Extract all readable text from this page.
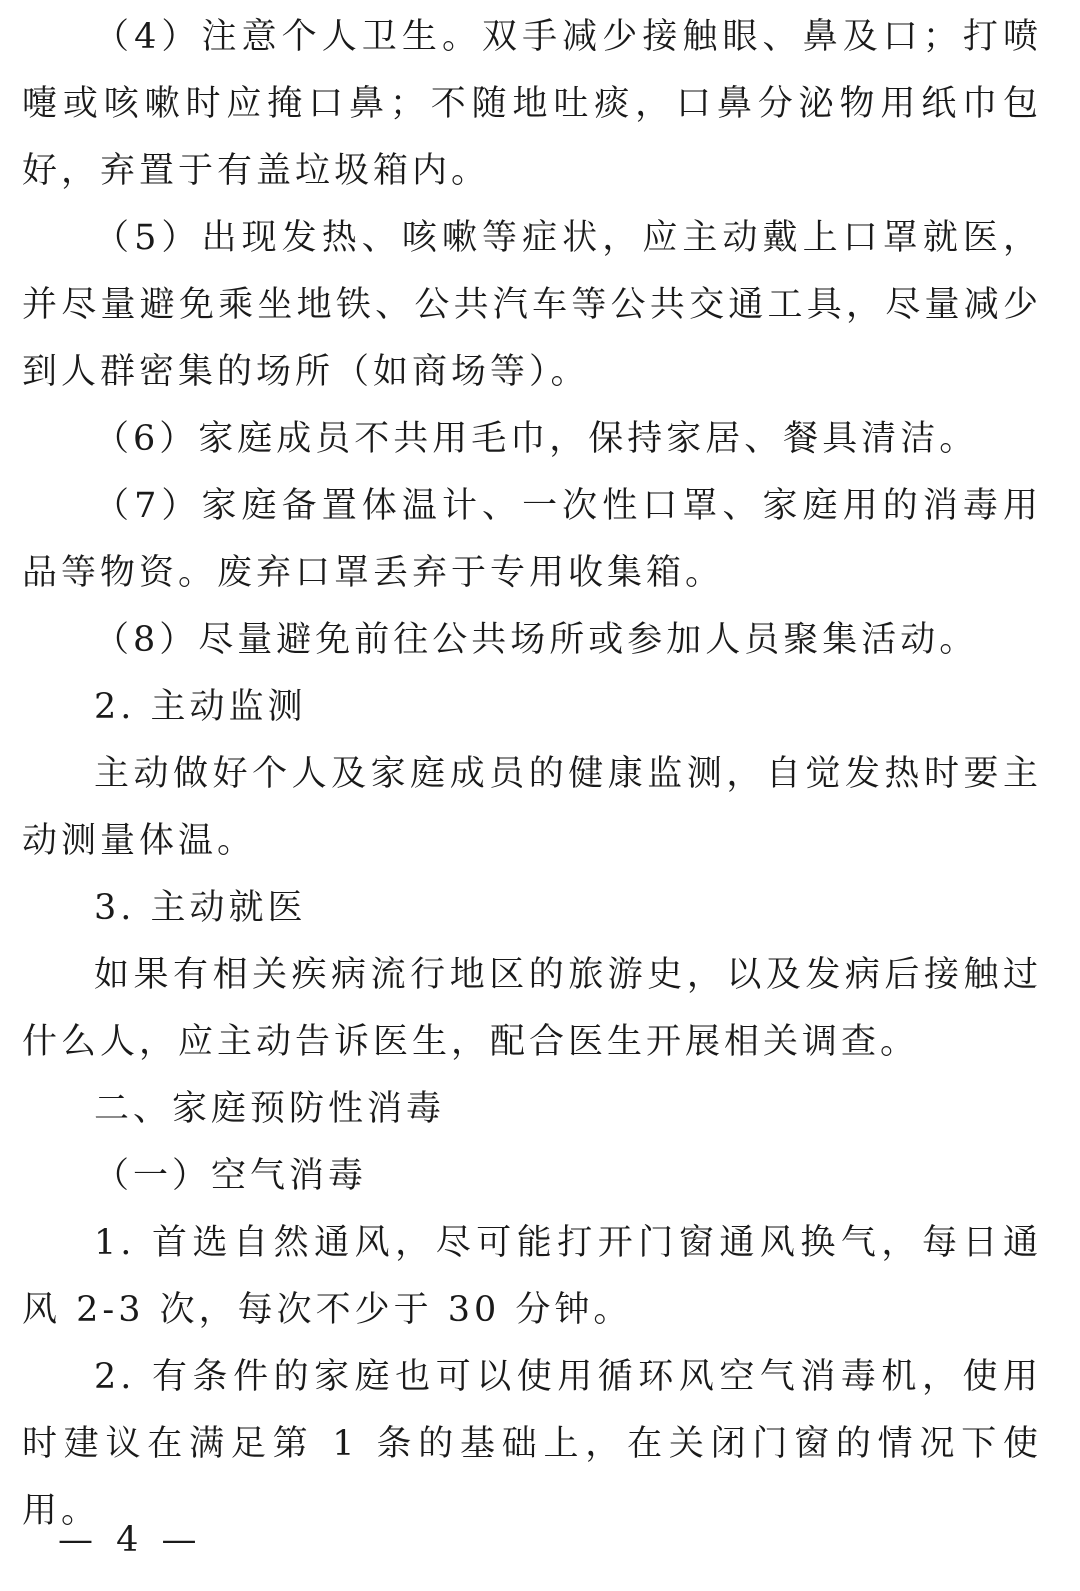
（4）注意个人卫生。双手减少接触眼、鼻及口；打喷嚏或咳嗽时应掩口鼻；不随地吐痰，口鼻分泌物用纸巾包好，弃置于有盖垃圾箱内。

（5）出现发热、咳嗽等症状，应主动戴上口罩就医，并尽量避免乘坐地铁、公共汽车等公共交通工具，尽量减少到人群密集的场所（如商场等）。

（6）家庭成员不共用毛巾，保持家居、餐具清洁。

（7）家庭备置体温计、一次性口罩、家庭用的消毒用品等物资。废弃口罩丢弃于专用收集箱。

（8）尽量避免前往公共场所或参加人员聚集活动。

2. 主动监测

主动做好个人及家庭成员的健康监测，自觉发热时要主动测量体温。

3. 主动就医

如果有相关疾病流行地区的旅游史，以及发病后接触过什么人，应主动告诉医生，配合医生开展相关调查。

二、家庭预防性消毒

（一）空气消毒

1. 首选自然通风，尽可能打开门窗通风换气，每日通风 2-3 次，每次不少于 30 分钟。

2. 有条件的家庭也可以使用循环风空气消毒机，使用时建议在满足第 1 条的基础上，在关闭门窗的情况下使用。

— 4 —
